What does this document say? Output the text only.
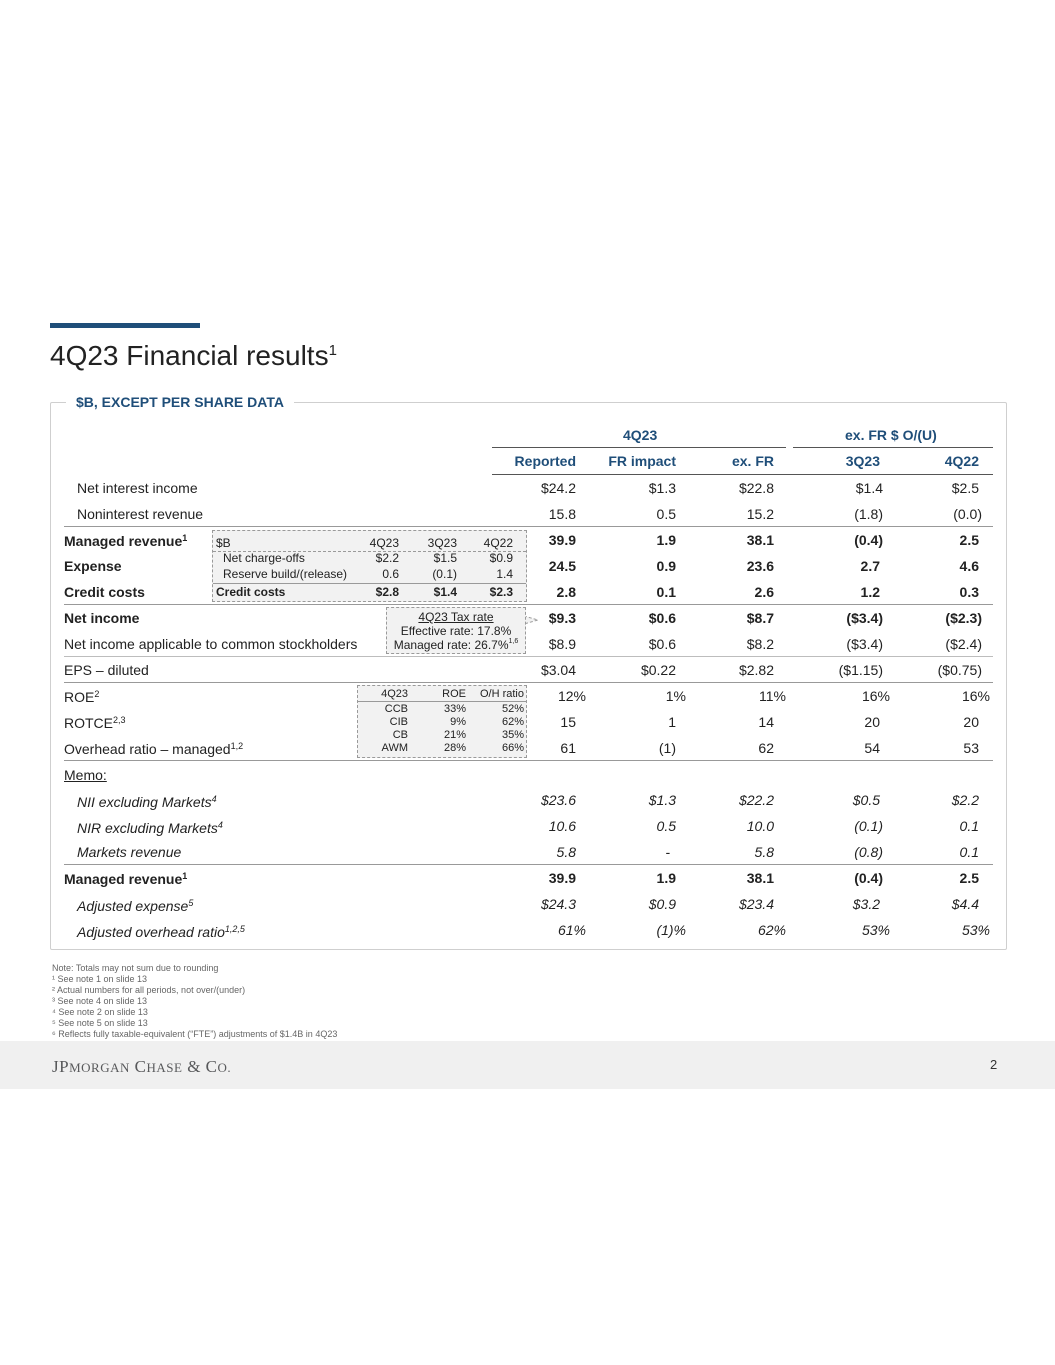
4Q23 Financial results$^1$
$B, EXCEPT PER SHARE DATA
4Q23	ex. FR $ O/(U)
Reported	FR impact	ex. FR	3Q23	4Q22
Net interest income	$24.2	$1.3	$22.8	$1.4	$2.5
Noninterest revenue	15.8	0.5	15.2	(1.8)	(0.0)
Managed revenue$^1$	39.9	1.9	38.1	(0.4)	2.5
Expense	24.5	0.9	23.6	2.7	4.6
Credit costs	2.8	0.1	2.6	1.2	0.3
Net income	$9.3	$0.6	$8.7	($3.4)	($2.3)
Net income applicable to common stockholders	$8.9	$0.6	$8.2	($3.4)	($2.4)
EPS – diluted	$3.04	$0.22	$2.82	($1.15)	($0.75)
ROE$^2$	12%	1%	11%	16%	16%
ROTCE$^{2,3}$	15	1	14	20	20
Overhead ratio – managed$^{1,2}$	61	(1)	62	54	53
Memo:
NII excluding Markets$^4$	$23.6	$1.3	$22.2	$0.5	$2.2
NIR excluding Markets$^4$	10.6	0.5	10.0	(0.1)	0.1
Markets revenue	5.8	-	5.8	(0.8)	0.1
Managed revenue$^1$	39.9	1.9	38.1	(0.4)	2.5
Adjusted expense$^5$	$24.3	$0.9	$23.4	$3.2	$4.4
Adjusted overhead ratio$^{1,2,5}$	61%	(1)%	62%	53%	53%
$B	4Q23	3Q23	4Q22
Net charge-offs	$2.2	$1.5	$0.9
Reserve build/(release)	0.6	(0.1)	1.4
Credit costs	$2.8	$1.4	$2.3
4Q23 Tax rate
Effective rate: 17.8%
Managed rate: 26.7%$^{1,6}$
4Q23	ROE	O/H ratio
CCB	33%	52%
CIB	9%	62%
CB	21%	35%
AWM	28%	66%
Note: Totals may not sum due to rounding
¹ See note 1 on slide 13
² Actual numbers for all periods, not over/(under)
³ See note 4 on slide 13
⁴ See note 2 on slide 13
⁵ See note 5 on slide 13
⁶ Reflects fully taxable-equivalent (“FTE”) adjustments of $1.4B in 4Q23
JPMORGAN CHASE & CO.	2
